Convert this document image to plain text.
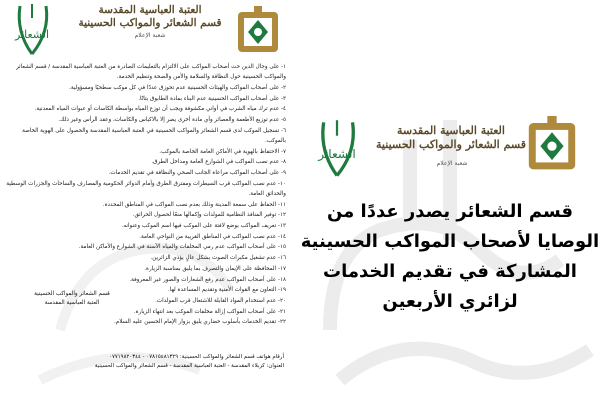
العتبة العباسية المقدسة
قسم الشعائر والمواكب الحسينية
شعبة الإعلام
الشعائر

١- على وجال الدين حث أصحاب المواكب على الالتزام بالتعليمات الصادرة من العتبة العباسية المقدسة / قسم الشعائر والمواكب الحسينية حول النظافة والسلامة والأمن والصحة وتنظيم الخدمة.

٢- على أصحاب المواكب والهيئات الحسينية عدم تحوزق عددًا في كل موكب سطحيًا ومسؤولية.

٣- على أصحاب المواكب الحسينية عدم البناء بمادة الطابوق بتاتًا.

٤- عدم ترك مياه الشرب في أواني مكشوفة ويجب أن توزع المياه بواسطة الكاسات أو عبوات المياه المعدنية.

٥- عدم توزيع الأطعمة والعصائر وأي مادة أخرى يضر إلا بالاكياس والكاسات، وعقد الرأس وغير ذلك.

٦- تسجيل الموكب لدى قسم الشعائر والمواكب الحسينية في العتبة العباسية المقدسة والحصول على الهوية الخاصة بالموكب.

٧- الاحتفاظ بالهوية في الأماكن العامة الخاصة بالموكب.

٨- عدم نصب المواكب في الشوارع العامة ومداخل الطرق.

٩- على أصحاب المواكب مراعاة الجانب الصحي والنظافة في تقديم الخدمات.

١٠- عدم نصب المواكب قرب السيطرات ومفترق الطرق وأمام الدوائر الحكومية والمصارف والساحات والجزرات الوسطية والحدائق العامة.

١١- الحفاظ على سمعة المدينة وذلك بعدم نصب المواكب في المناطق المحددة.

١٢- توفير المنافذ النظامية للمولدات وإكمالها منعًا لحصول الحرائق.

١٣- تعريف المواكب بوضع لافتة على الموكب فيها اسم الموكب وعنوانه.

١٤- عدم نصب المواكب في المناطق القريبة من النواحي العامة.

١٥- على أصحاب المواكب عدم رمي المخلفات والمياه الآسنة في الشوارع والأماكن العامة.

١٦- عدم تشغيل مكبرات الصوت بشكل عالٍ يؤذي الزائرين.

١٧- المحافظة على الإيمان والتصرف بما يليق بمناسبة الزيارة.

١٨- على أصحاب المواكب عدم رفع الشعارات والصور غير المعروفة.

١٩- التعاون مع القوات الأمنية وتقديم المساعدة لها.

٢٠- عدم استخدام المواد القابلة للاشتعال قرب المولدات.

٢١- على أصحاب المواكب إزالة مخلفات الموكب بعد انتهاء الزيارة.

٢٢- تقديم الخدمات بأسلوب حضاري يليق بزوار الإمام الحسين عليه السلام.

قسم الشعائر والمواكب الحسينية
العتبة العباسية المقدسة
أرقام هواتف قسم الشعائر والمواكب الحسينية: ٠٧٨١٥٤٨١٣٢٩ - ٠٧٧١٩٨٢٠٣٤٤
العنوان: كربلاء المقدسة - العتبة العباسية المقدسة - قسم الشعائر والمواكب الحسينية
العتبة العباسية المقدسة
قسم الشعائر والمواكب الحسينية
شعبة الإعلام
الشعائر
قسم الشعائر يصدر عددًا من الوصايا لأصحاب المواكب الحسينية المشاركة في تقديم الخدمات لزائري الأربعين
